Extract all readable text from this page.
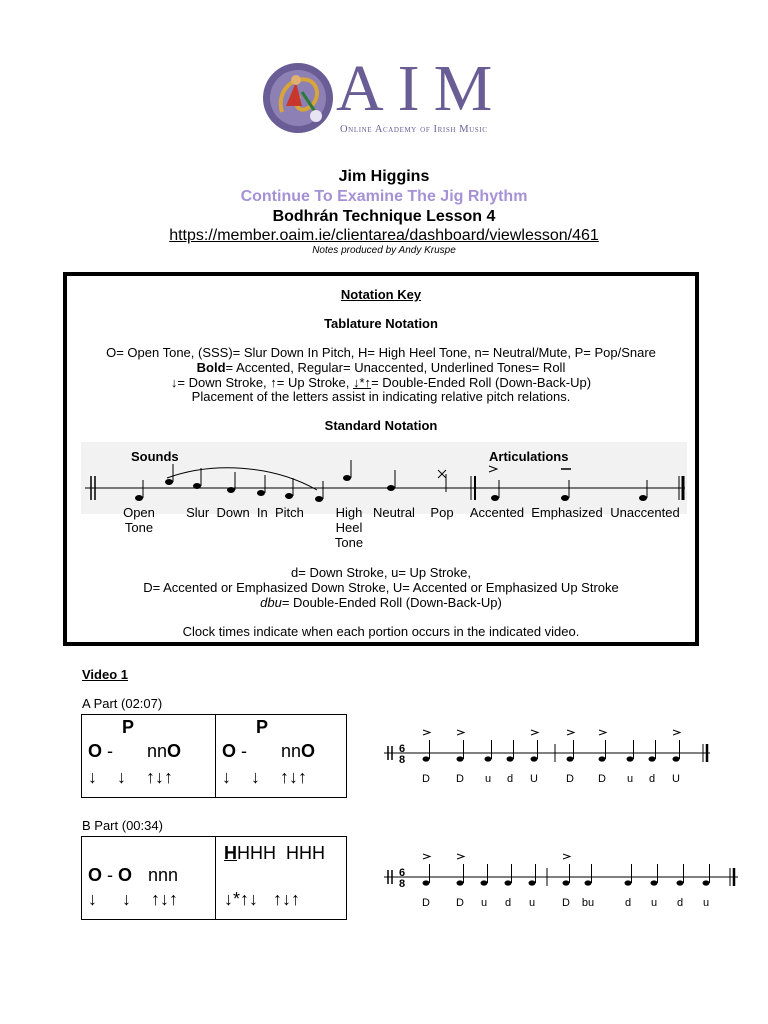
AIM
Online Academy of Irish Music
Jim Higgins
Continue To Examine The Jig Rhythm
Bodhrán Technique Lesson 4
https://member.oaim.ie/clientarea/dashboard/viewlesson/461
Notes produced by Andy Kruspe
Notation Key
Tablature Notation
O= Open Tone, (SSS)= Slur Down In Pitch, H= High Heel Tone, n= Neutral/Mute, P= Pop/Snare
Bold= Accented, Regular= Unaccented, Underlined Tones= Roll
↓= Down Stroke, ↑= Up Stroke, ↓*↑= Double-Ended Roll (Down-Back-Up)
Placement of the letters assist in indicating relative pitch relations.
Standard Notation
Sounds	Articulations
Open
Tone
Slur  Down  In  Pitch High
Heel
Tone
Neutral Pop Accented Emphasized Unaccented
d= Down Stroke, u= Up Stroke,
D= Accented or Emphasized Down Stroke, U= Accented or Emphasized Up Stroke
dbu= Double-Ended Roll (Down-Back-Up)
Clock times indicate when each portion occurs in the indicated video.
Video 1
A Part (02:07)
P
O - nnO
↓    ↓    ↑↓↑
P
O - nnO
↓    ↓    ↑↓↑
6
8
D D u d U	D D u d U
B Part (00:34)
O - O nnn
↓     ↓    ↑↓↑
HHHH  HHH
↓*↑↓   ↑↓↑
6
8
D D u d u D bu	d u d u
